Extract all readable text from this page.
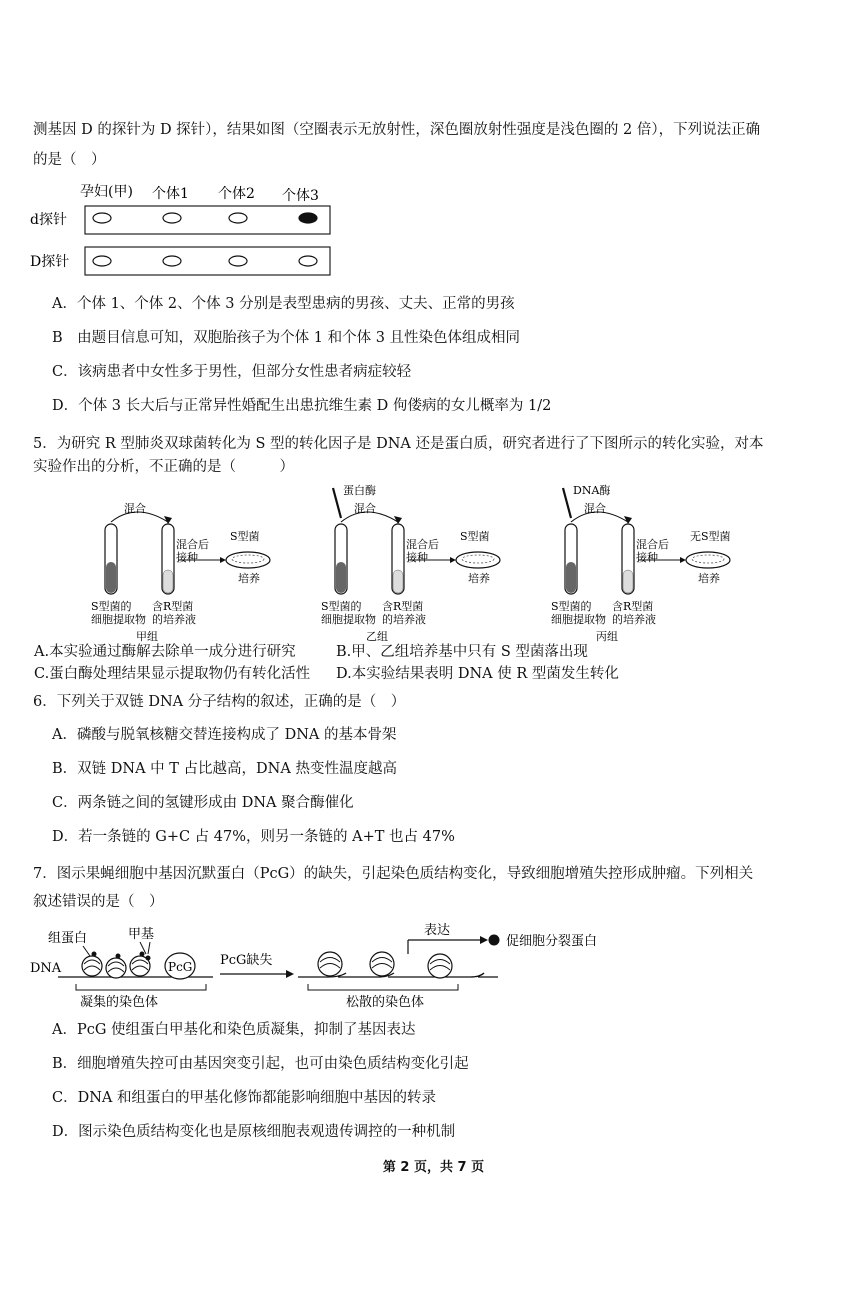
测基因 D 的探针为 D 探针），结果如图（空圈表示无放射性，深色圈放射性强度是浅色圈的 2 倍），下列说法正确
的是（　）
孕妇(甲) 个体1 个体2 个体3
d探针
D探针
A．个体 1、个体 2、个体 3 分别是表型患病的男孩、丈夫、正常的男孩
B　由题目信息可知，双胞胎孩子为个体 1 和个体 3 且性染色体组成相同
C．该病患者中女性多于男性，但部分女性患者病症较轻
D．个体 3 长大后与正常异性婚配生出患抗维生素 D 佝偻病的女儿概率为 1/2
5．为研究 R 型肺炎双球菌转化为 S 型的转化因子是 DNA 还是蛋白质，研究者进行了下图所示的转化实验，对本
实验作出的分析，不正确的是（　　　）
混合
混合后
接种
S型菌
培养
S型菌的
细胞提取物
含R型菌
的培养液
甲组
混合
蛋白酶
混合后
接种
S型菌
培养
S型菌的
细胞提取物
含R型菌
的培养液
乙组
混合
DNA酶
混合后
接种
无S型菌
培养
S型菌的
细胞提取物
含R型菌
的培养液
丙组
A.本实验通过酶解去除单一成分进行研究	B.甲、乙组培养基中只有 S 型菌落出现
C.蛋白酶处理结果显示提取物仍有转化活性 D.本实验结果表明 DNA 使 R 型菌发生转化
6．下列关于双链 DNA 分子结构的叙述，正确的是（　）
A．磷酸与脱氧核糖交替连接构成了 DNA 的基本骨架
B．双链 DNA 中 T 占比越高，DNA 热变性温度越高
C．两条链之间的氢键形成由 DNA 聚合酶催化
D．若一条链的 G+C 占 47%，则另一条链的 A+T 也占 47%
7．图示果蝇细胞中基因沉默蛋白（PcG）的缺失，引起染色质结构变化，导致细胞增殖失控形成肿瘤。下列相关
叙述错误的是（　）
组蛋白	甲基
DNA	PcG
凝集的染色体
PcG缺失
松散的染色体
表达
促细胞分裂蛋白
A．PcG 使组蛋白甲基化和染色质凝集，抑制了基因表达
B．细胞增殖失控可由基因突变引起，也可由染色质结构变化引起
C．DNA 和组蛋白的甲基化修饰都能影响细胞中基因的转录
D．图示染色质结构变化也是原核细胞表观遗传调控的一种机制
第 2 页，共 7 页
